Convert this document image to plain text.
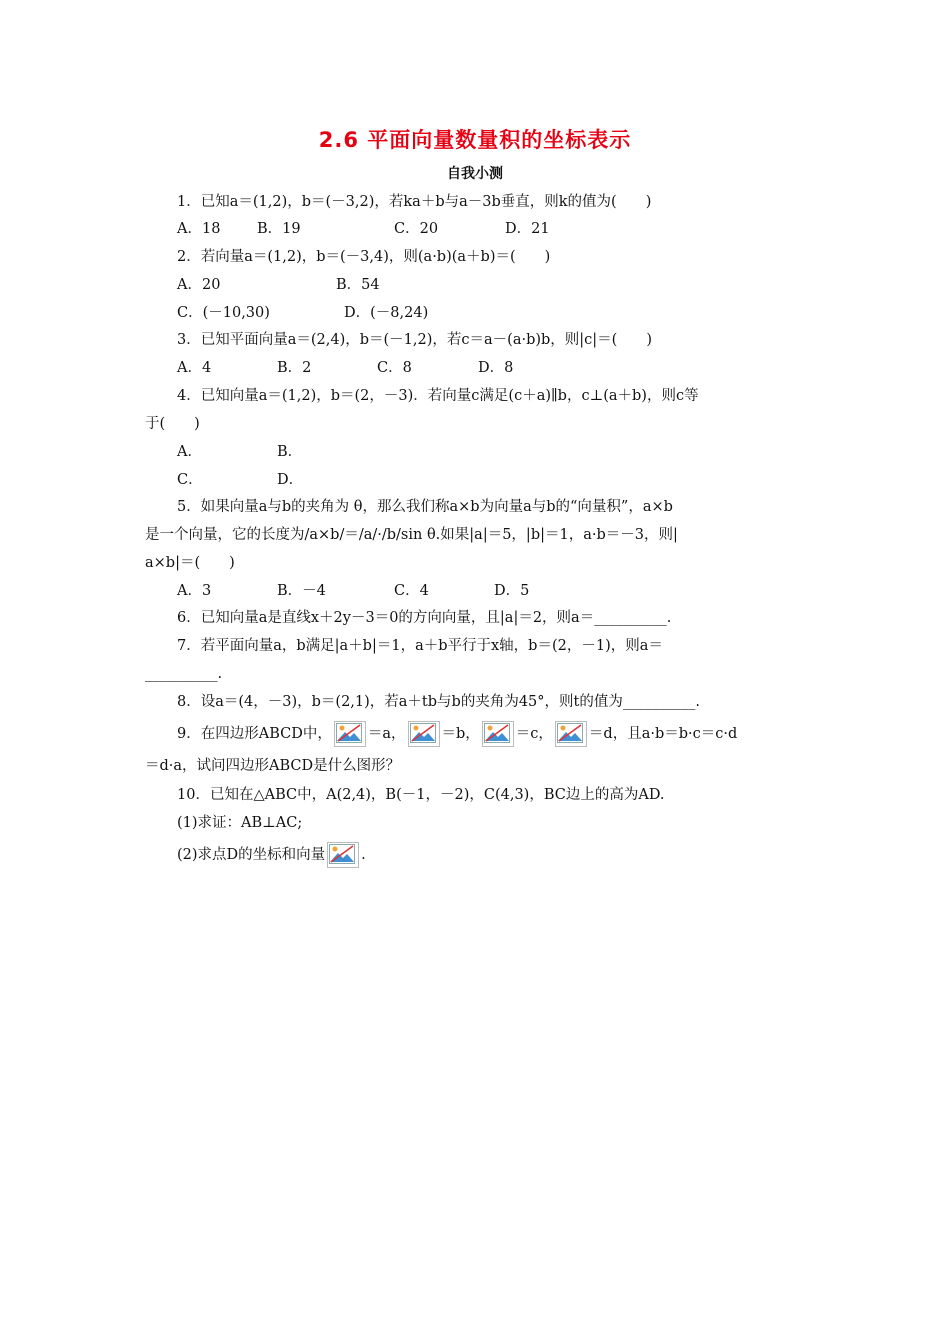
2.6 平面向量数量积的坐标表示
自我小测
1．已知a＝(1,2)，b＝(－3,2)，若ka＋b与a－3b垂直，则k的值为(　　)
A．18	B．19	C．20	D．21
2．若向量a＝(1,2)，b＝(－3,4)，则(a·b)(a＋b)＝(　　)
A．20	B．54
C．(－10,30)	D．(－8,24)
3．已知平面向量a＝(2,4)，b＝(－1,2)，若c＝a－(a·b)b，则|c|＝(　　)
A．4	B．2	C．8	D．8
4．已知向量a＝(1,2)，b＝(2，－3)．若向量c满足(c＋a)∥b，c⊥(a＋b)，则c等
于(　　)
A．	B．
C．	D．
5．如果向量a与b的夹角为 θ，那么我们称a×b为向量a与b的“向量积”，a×b
是一个向量，它的长度为/a×b/＝/a/·/b/sin θ.如果|a|＝5，|b|＝1，a·b＝－3，则|
a×b|＝(　　)
A．3	B．－4	C．4	D．5
6．已知向量a是直线x＋2y－3＝0的方向向量，且|a|＝2，则a＝__________.
7．若平面向量a，b满足|a＋b|＝1，a＋b平行于x轴，b＝(2，－1)，则a＝
__________.
8．设a＝(4，－3)，b＝(2,1)，若a＋tb与b的夹角为45°，则t的值为__________.
9．在四边形ABCD中， ＝a， ＝b， ＝c， ＝d，且a·b＝b·c＝c·d
＝d·a，试问四边形ABCD是什么图形？
10．已知在△ABC中，A(2,4)，B(－1，－2)，C(4,3)，BC边上的高为AD.
(1)求证：AB⊥AC;
(2)求点D的坐标和向量 .
